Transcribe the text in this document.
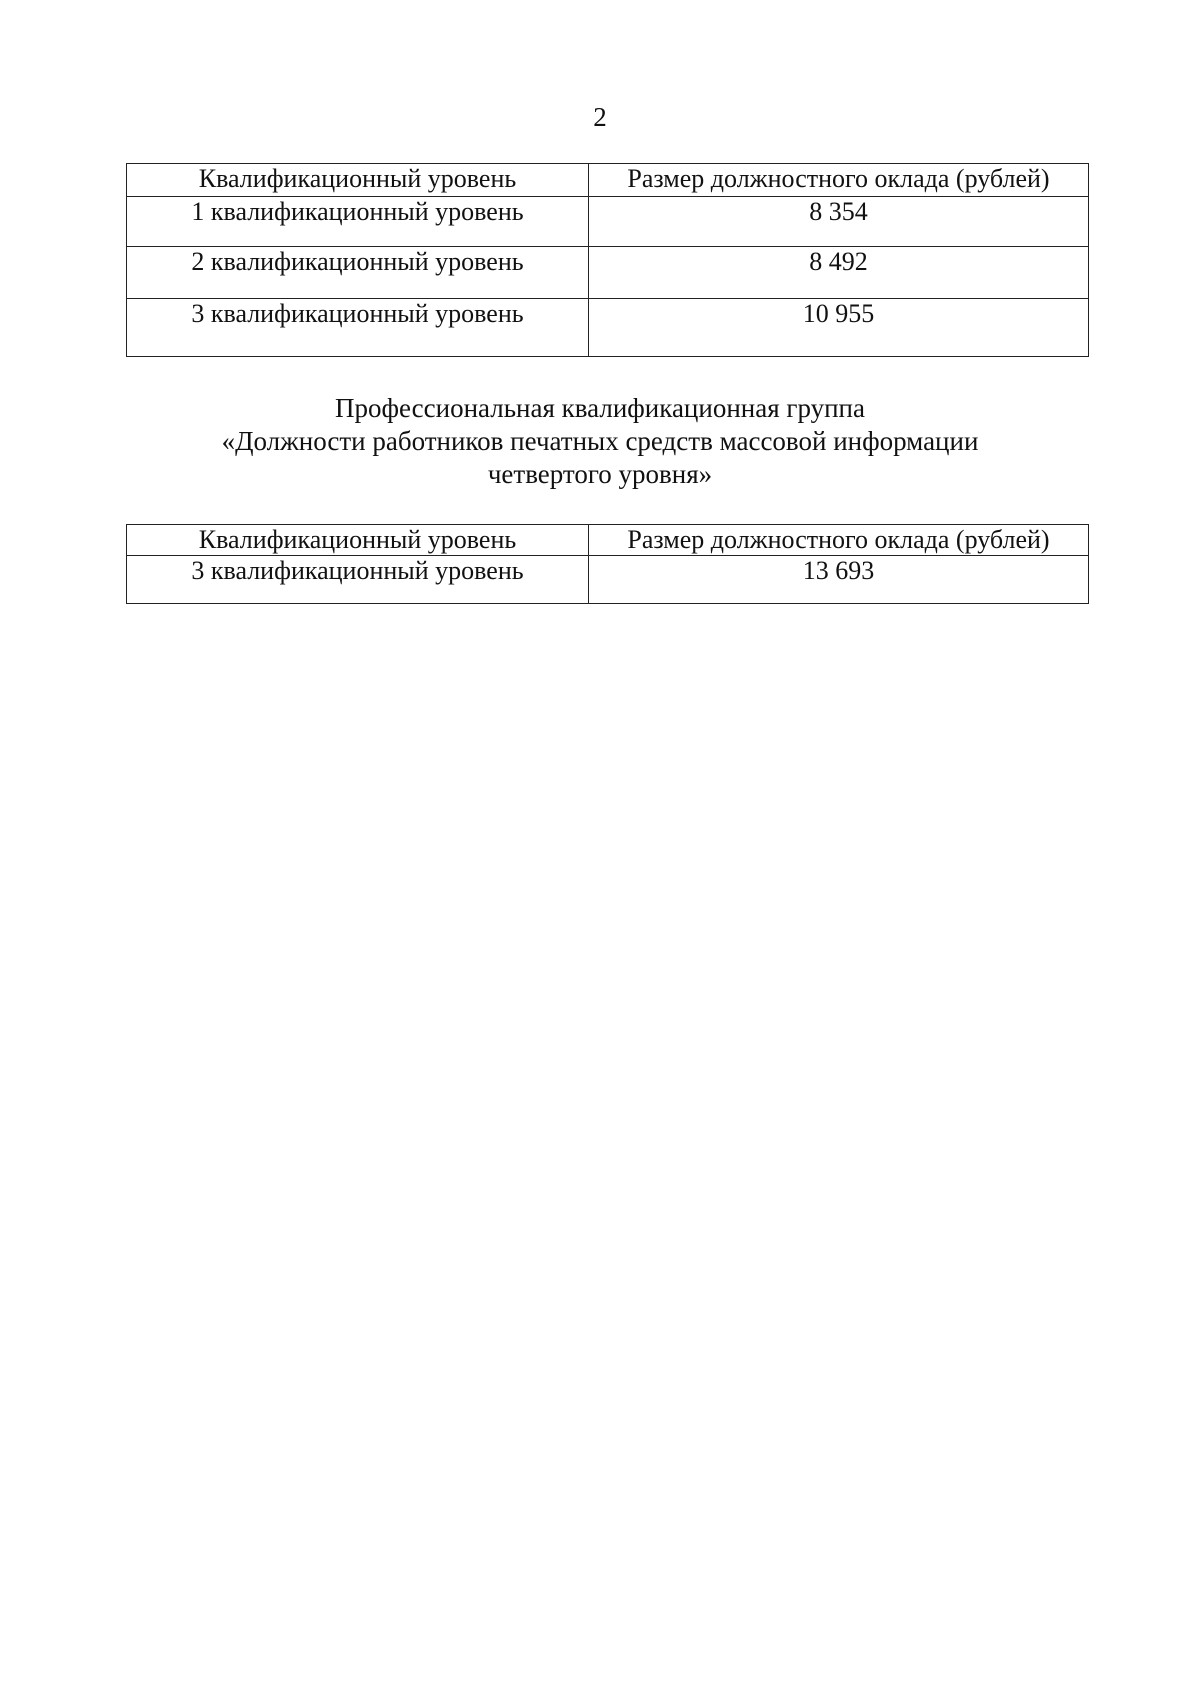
2
Квалификационный уровень	Размер должностного оклада (рублей)
1 квалификационный уровень	8 354
2 квалификационный уровень	8 492
3 квалификационный уровень	10 955
Профессиональная квалификационная группа
«Должности работников печатных средств массовой информации
четвертого уровня»
Квалификационный уровень	Размер должностного оклада (рублей)
3 квалификационный уровень	13 693
